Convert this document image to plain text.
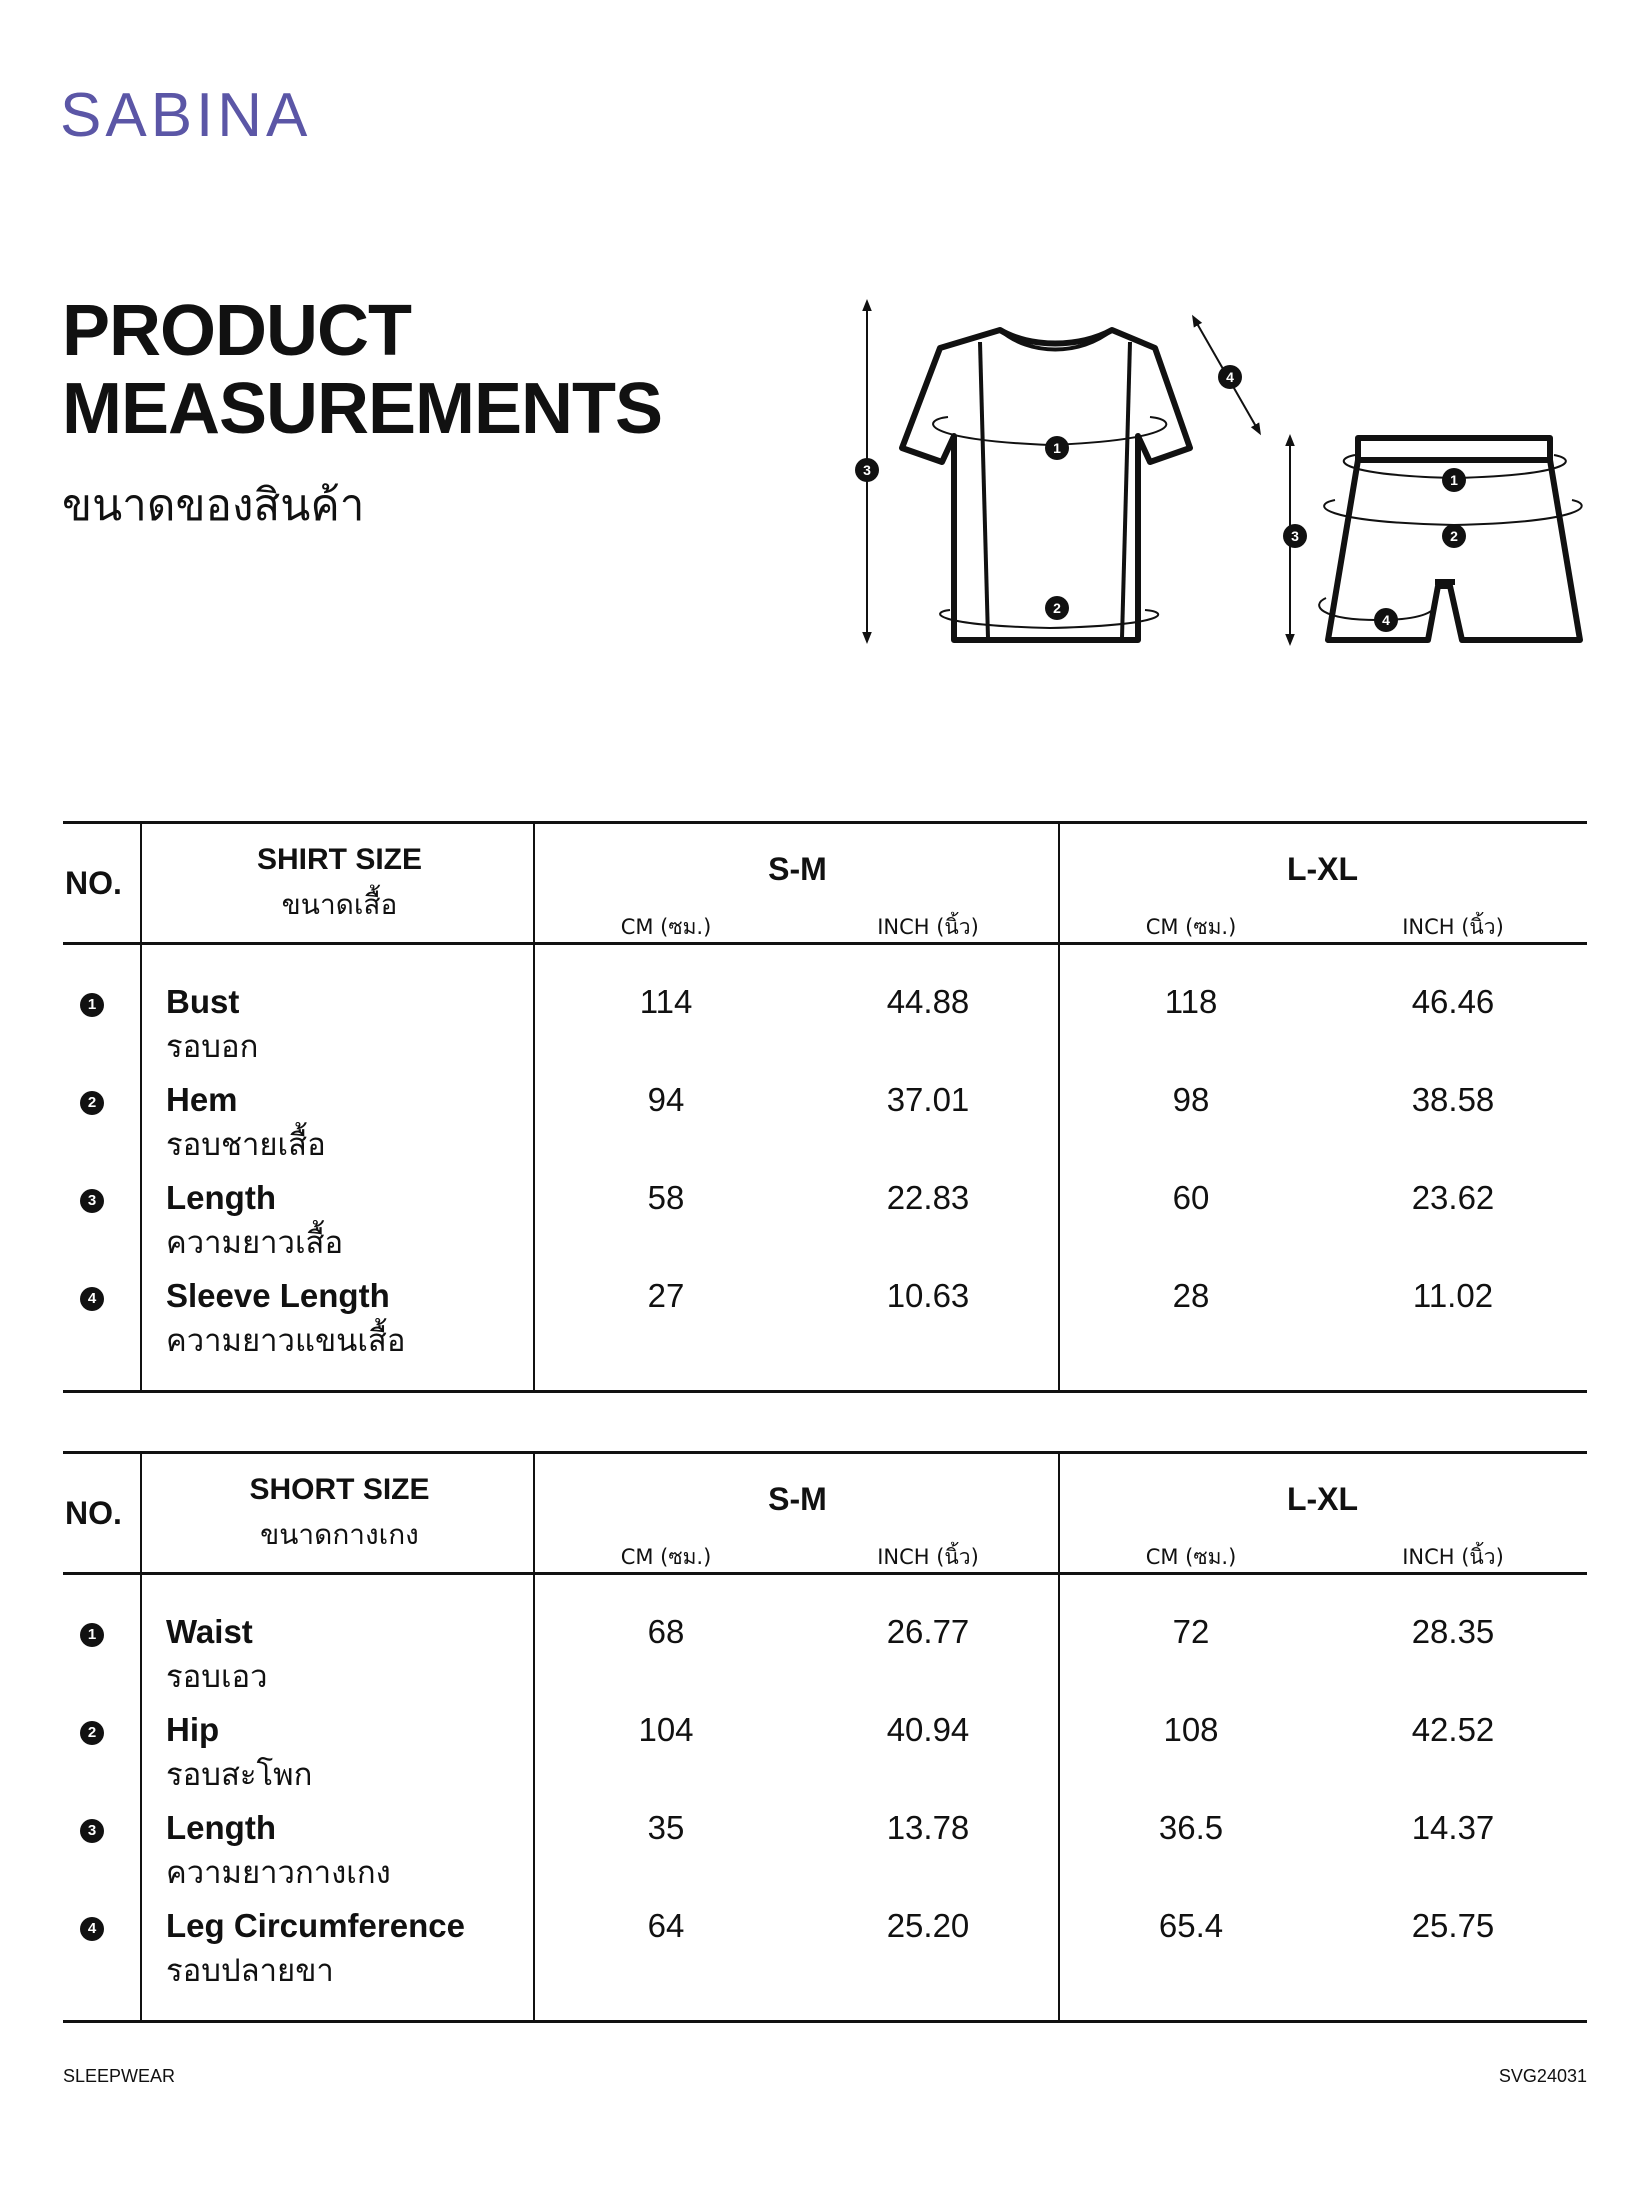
SABINA
PRODUCT
MEASUREMENTS
ขนาดของสินค้า
1
2
3
4
1
2
3
4
NO.
SHIRT SIZE
ขนาดเสื้อ
S-M	L-XL
CM (ซม.)	INCH (นิ้ว)	CM (ซม.)	INCH (นิ้ว)
1 Bust
รอบอก
114	44.88	118	46.46
2 Hem
รอบชายเสื้อ
94	37.01	98	38.58
3 Length
ความยาวเสื้อ
58	22.83	60	23.62
4 Sleeve Length
ความยาวแขนเสื้อ
27	10.63	28	11.02
NO.
SHORT SIZE
ขนาดกางเกง
S-M	L-XL
CM (ซม.)	INCH (นิ้ว)	CM (ซม.)	INCH (นิ้ว)
1 Waist
รอบเอว
68	26.77	72	28.35
2 Hip
รอบสะโพก
104	40.94	108	42.52
3 Length
ความยาวกางเกง
35	13.78	36.5	14.37
4 Leg Circumference
รอบปลายขา
64	25.20	65.4	25.75
SLEEPWEAR	SVG24031
